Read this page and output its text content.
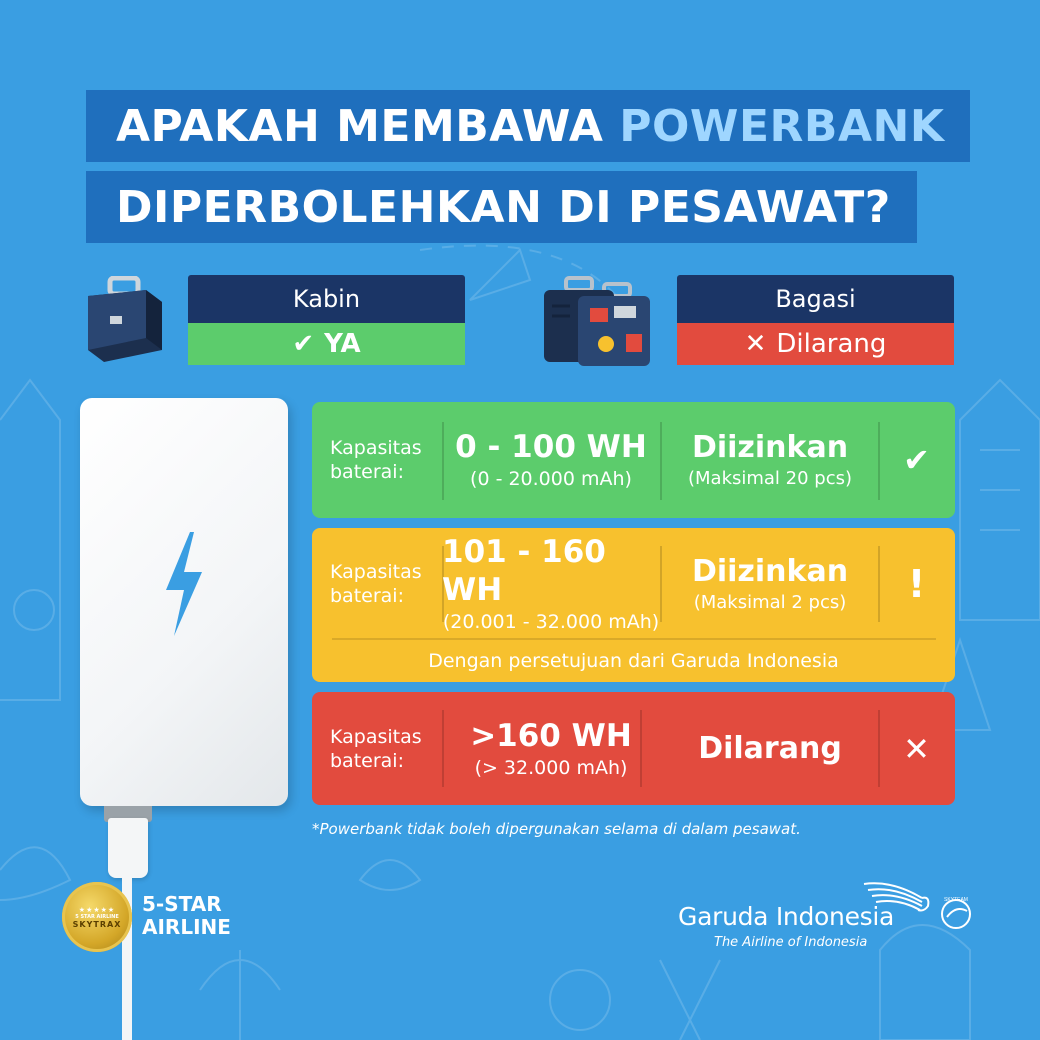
APAKAH MEMBAWA POWERBANK
DIPERBOLEHKAN DI PESAWAT?
Kabin
✔ YA
Bagasi
✕ Dilarang
Kapasitas baterai:
0 - 100 WH
(0 - 20.000 mAh)
Diizinkan
(Maksimal 20 pcs)	✔
Kapasitas baterai:
101 - 160 WH
(20.001 - 32.000 mAh)
Diizinkan
(Maksimal 2 pcs)	!
Dengan persetujuan dari Garuda Indonesia
Kapasitas baterai:
>160 WH
(> 32.000 mAh)
Dilarang	✕
*Powerbank tidak boleh dipergunakan selama di dalam pesawat.
★★★★★
5 STAR AIRLINE
SKYTRAX
5-STAR
AIRLINE	Garuda Indonesia
The Airline of Indonesia
SKYTEAM
